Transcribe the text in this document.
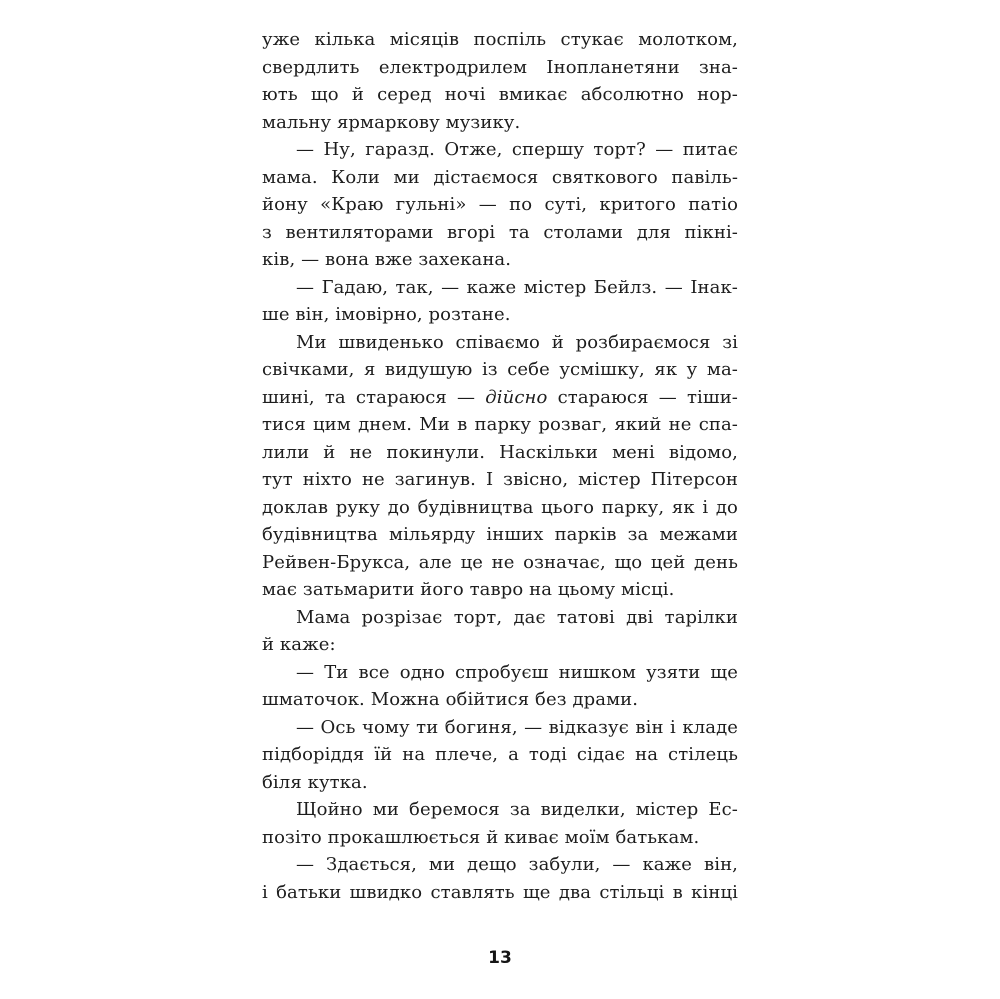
уже кілька місяців поспіль стукає молотком,
свердлить електродрилем Інопланетяни зна-
ють що й серед ночі вмикає абсолютно нор-
мальну ярмаркову музику.
— Ну, гаразд. Отже, спершу торт? — питає
мама. Коли ми дістаємося святкового павіль-
йону «Краю гульні» — по суті, критого патіо
з вентиляторами вгорі та столами для пікні-
ків, — вона вже захекана.
— Гадаю, так, — каже містер Бейлз. — Інак-
ше він, імовірно, розтане.
Ми швиденько співаємо й розбираємося зі
свічками, я видушую із себе усмішку, як у ма-
шині, та стараюся — дійсно стараюся — тіши-
тися цим днем. Ми в парку розваг, який не спа-
лили й не покинули. Наскільки мені відомо,
тут ніхто не загинув. І звісно, містер Пітерсон
доклав руку до будівництва цього парку, як і до
будівництва мільярду інших парків за межами
Рейвен-Брукса, але це не означає, що цей день
має затьмарити його тавро на цьому місці.
Мама розрізає торт, дає татові дві тарілки
й каже:
— Ти все одно спробуєш нишком узяти ще
шматочок. Можна обійтися без драми.
— Ось чому ти богиня, — відказує він і кладе
підборіддя їй на плече, а тоді сідає на стілець
біля кутка.
Щойно ми беремося за виделки, містер Ес-
позіто прокашлюється й киває моїм батькам.
— Здається, ми дещо забули, — каже він,
і батьки швидко ставлять ще два стільці в кінці
13
